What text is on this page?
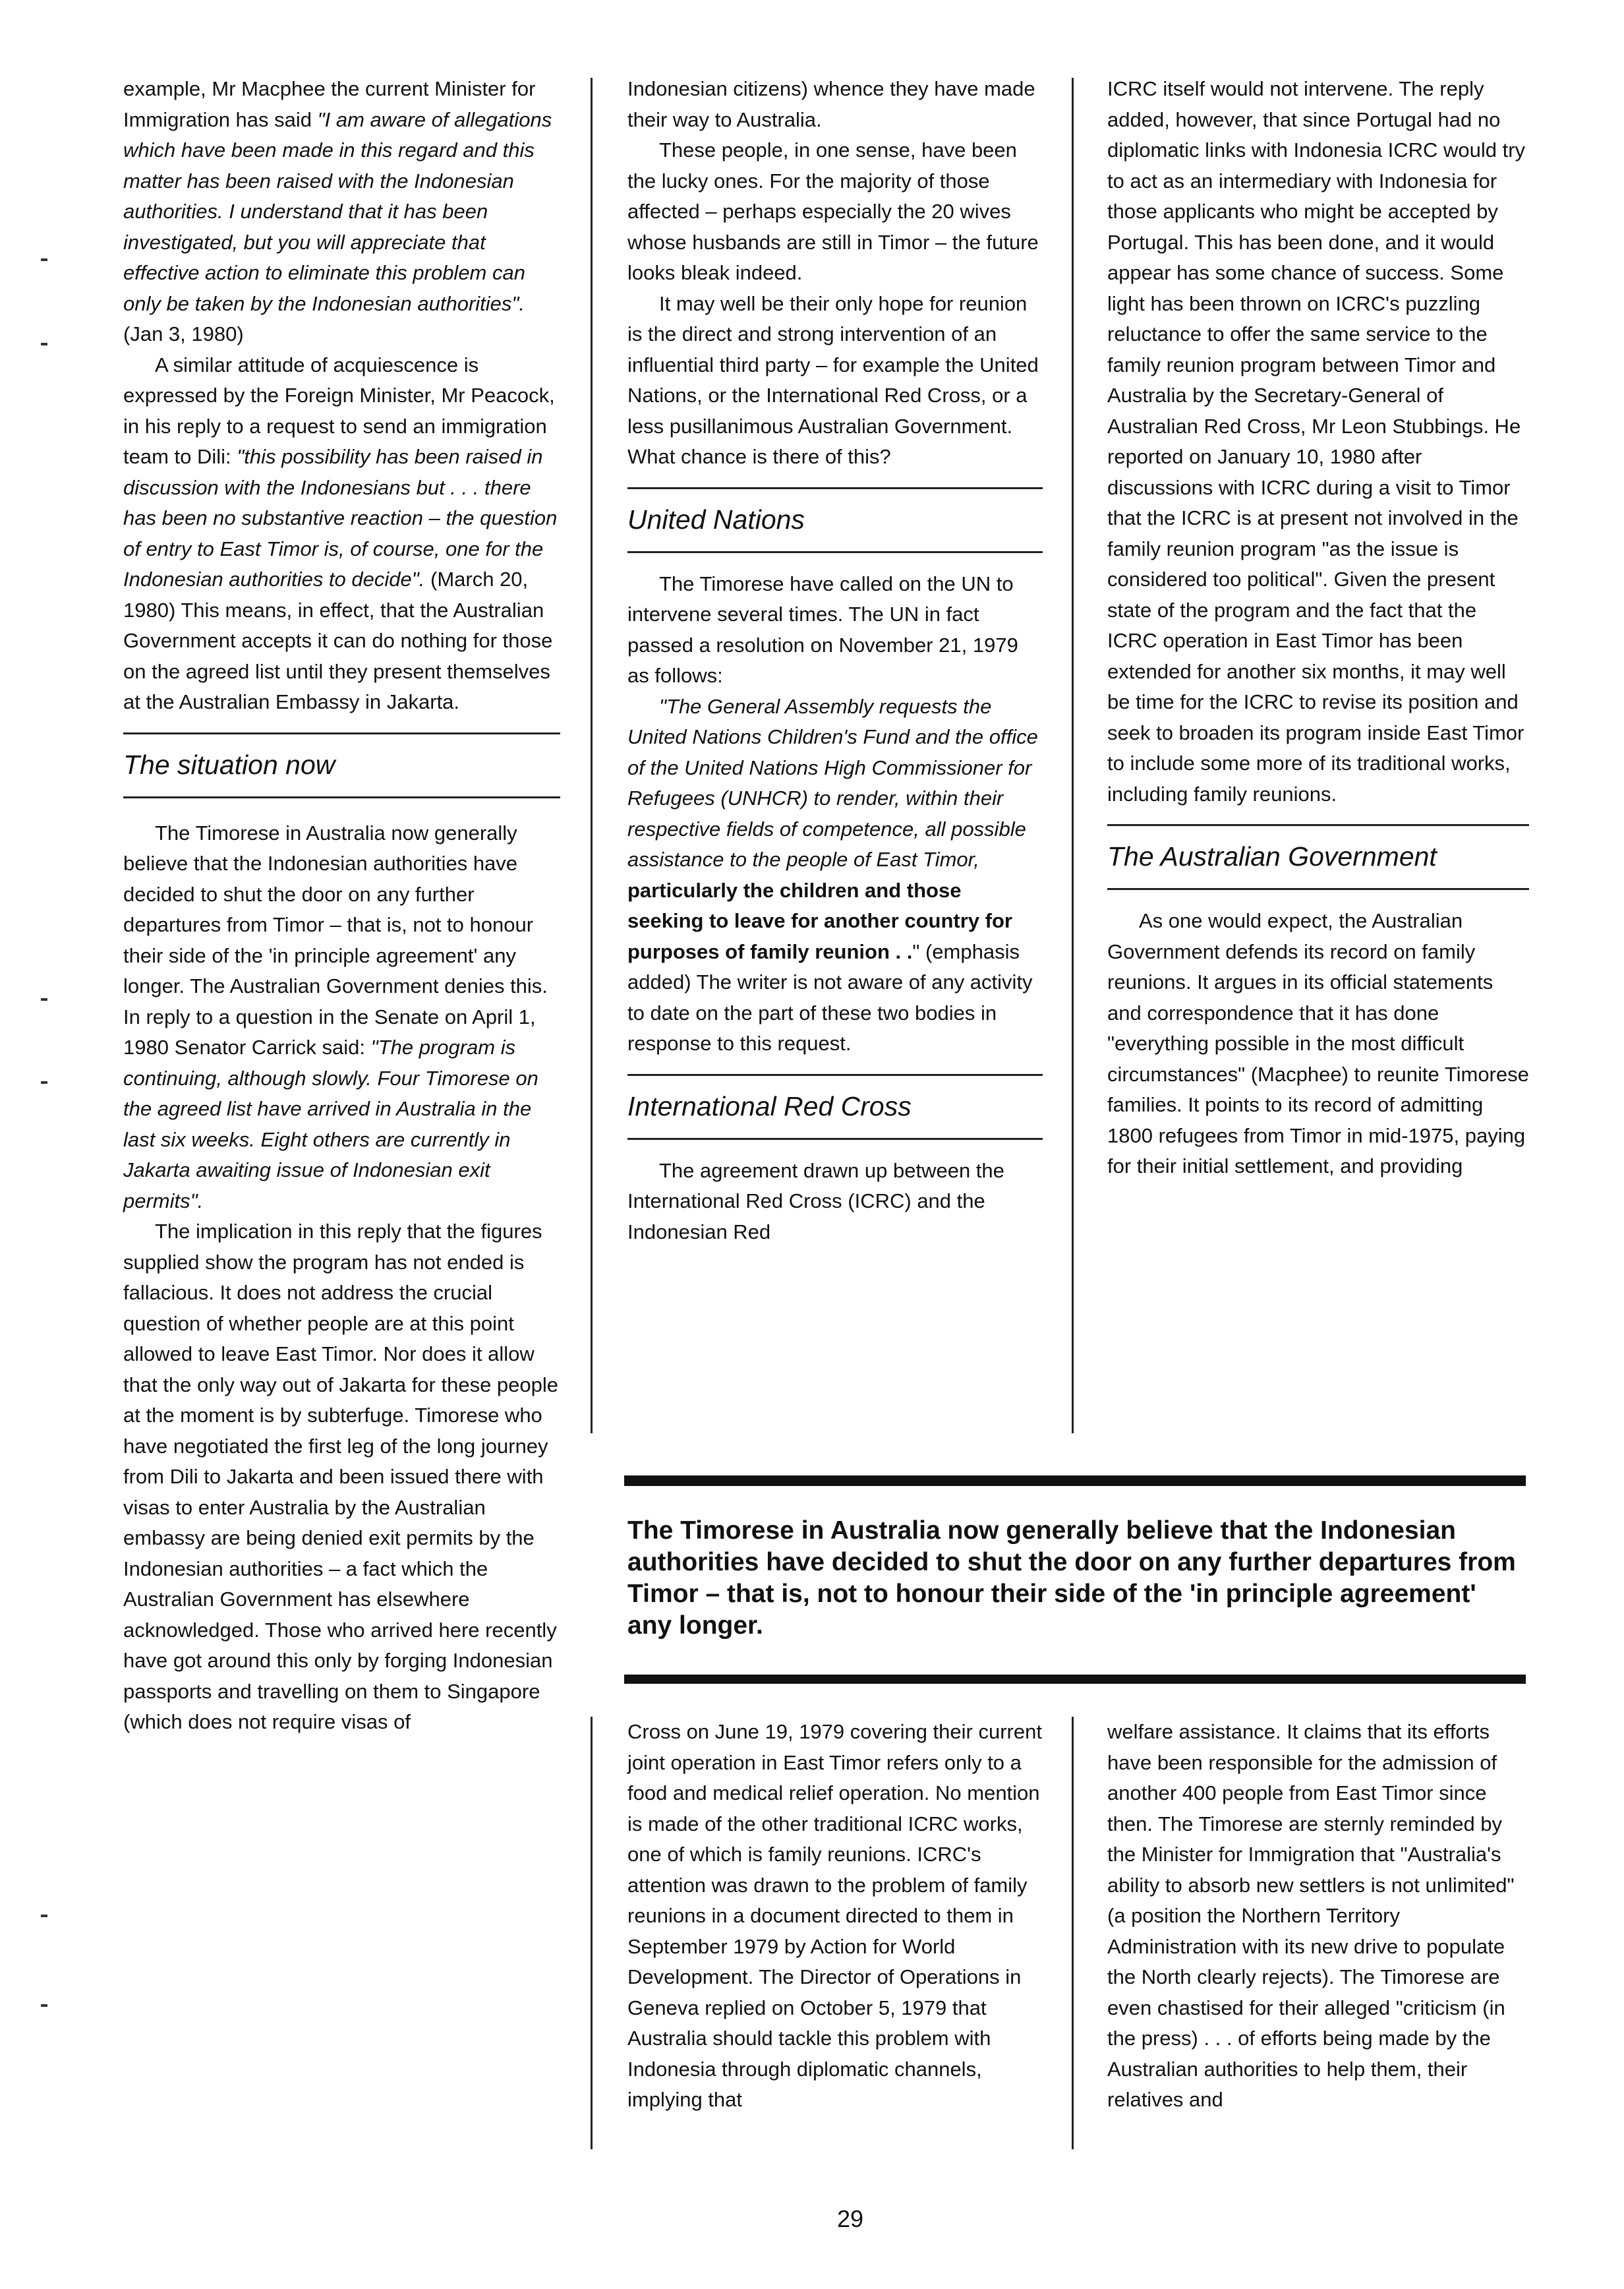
example, Mr Macphee the current Minister for Immigration has said "I am aware of allegations which have been made in this regard and this matter has been raised with the Indonesian authorities. I understand that it has been investigated, but you will appreciate that effective action to eliminate this problem can only be taken by the Indonesian authorities". (Jan 3, 1980)

A similar attitude of acquiescence is expressed by the Foreign Minister, Mr Peacock, in his reply to a request to send an immigration team to Dili: "this possibility has been raised in discussion with the Indonesians but . . . there has been no substantive reaction – the question of entry to East Timor is, of course, one for the Indonesian authorities to decide". (March 20, 1980) This means, in effect, that the Australian Government accepts it can do nothing for those on the agreed list until they present themselves at the Australian Embassy in Jakarta.

The situation now

The Timorese in Australia now generally believe that the Indonesian authorities have decided to shut the door on any further departures from Timor – that is, not to honour their side of the 'in principle agreement' any longer. The Australian Government denies this. In reply to a question in the Senate on April 1, 1980 Senator Carrick said: "The program is continuing, although slowly. Four Timorese on the agreed list have arrived in Australia in the last six weeks. Eight others are currently in Jakarta awaiting issue of Indonesian exit permits".

The implication in this reply that the figures supplied show the program has not ended is fallacious. It does not address the crucial question of whether people are at this point allowed to leave East Timor. Nor does it allow that the only way out of Jakarta for these people at the moment is by subterfuge. Timorese who have negotiated the first leg of the long journey from Dili to Jakarta and been issued there with visas to enter Australia by the Australian embassy are being denied exit permits by the Indonesian authorities – a fact which the Australian Government has elsewhere acknowledged. Those who arrived here recently have got around this only by forging Indonesian passports and travelling on them to Singapore (which does not require visas of

Indonesian citizens) whence they have made their way to Australia.

These people, in one sense, have been the lucky ones. For the majority of those affected – perhaps especially the 20 wives whose husbands are still in Timor – the future looks bleak indeed.

It may well be their only hope for reunion is the direct and strong intervention of an influential third party – for example the United Nations, or the International Red Cross, or a less pusillanimous Australian Government. What chance is there of this?

United Nations

The Timorese have called on the UN to intervene several times. The UN in fact passed a resolution on November 21, 1979 as follows:

"The General Assembly requests the United Nations Children's Fund and the office of the United Nations High Commissioner for Refugees (UNHCR) to render, within their respective fields of competence, all possible assistance to the people of East Timor, particularly the children and those seeking to leave for another country for purposes of family reunion . ." (emphasis added) The writer is not aware of any activity to date on the part of these two bodies in response to this request.

International Red Cross

The agreement drawn up between the International Red Cross (ICRC) and the Indonesian Red

ICRC itself would not intervene. The reply added, however, that since Portugal had no diplomatic links with Indonesia ICRC would try to act as an intermediary with Indonesia for those applicants who might be accepted by Portugal. This has been done, and it would appear has some chance of success. Some light has been thrown on ICRC's puzzling reluctance to offer the same service to the family reunion program between Timor and Australia by the Secretary-General of Australian Red Cross, Mr Leon Stubbings. He reported on January 10, 1980 after discussions with ICRC during a visit to Timor that the ICRC is at present not involved in the family reunion program "as the issue is considered too political". Given the present state of the program and the fact that the ICRC operation in East Timor has been extended for another six months, it may well be time for the ICRC to revise its position and seek to broaden its program inside East Timor to include some more of its traditional works, including family reunions.

The Australian Government

As one would expect, the Australian Government defends its record on family reunions. It argues in its official statements and correspondence that it has done "everything possible in the most difficult circumstances" (Macphee) to reunite Timorese families. It points to its record of admitting 1800 refugees from Timor in mid-1975, paying for their initial settlement, and providing

The Timorese in Australia now generally believe that the Indonesian authorities have decided to shut the door on any further departures from Timor – that is, not to honour their side of the 'in principle agreement' any longer.

Cross on June 19, 1979 covering their current joint operation in East Timor refers only to a food and medical relief operation. No mention is made of the other traditional ICRC works, one of which is family reunions. ICRC's attention was drawn to the problem of family reunions in a document directed to them in September 1979 by Action for World Development. The Director of Operations in Geneva replied on October 5, 1979 that Australia should tackle this problem with Indonesia through diplomatic channels, implying that

welfare assistance. It claims that its efforts have been responsible for the admission of another 400 people from East Timor since then. The Timorese are sternly reminded by the Minister for Immigration that "Australia's ability to absorb new settlers is not unlimited" (a position the Northern Territory Administration with its new drive to populate the North clearly rejects). The Timorese are even chastised for their alleged "criticism (in the press) . . . of efforts being made by the Australian authorities to help them, their relatives and

29
